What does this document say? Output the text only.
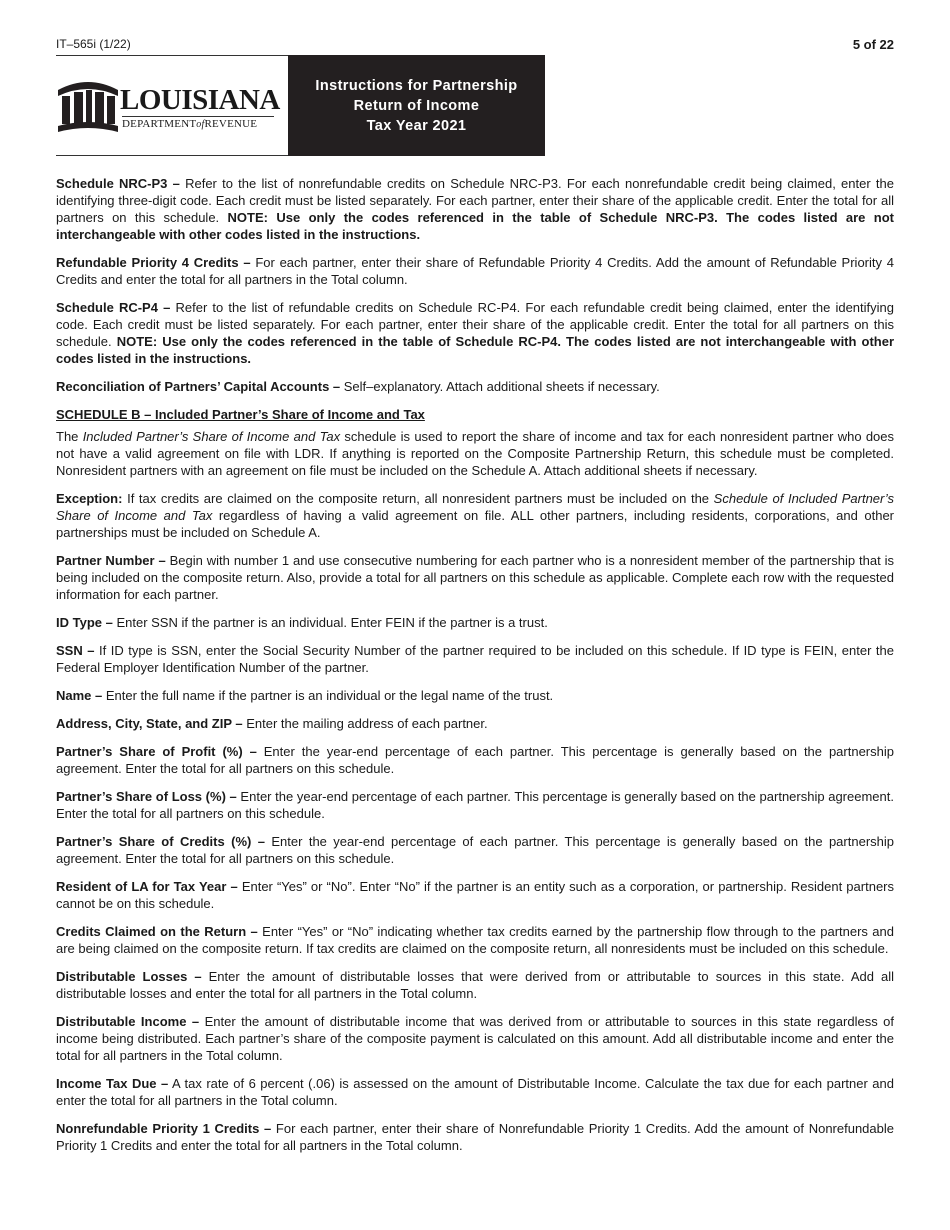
IT–565i (1/22)	5 of 22
LOUISIANA
DEPARTMENTofREVENUE
Instructions for Partnership
Return of Income
Tax Year 2021

Schedule NRC-P3 – Refer to the list of nonrefundable credits on Schedule NRC-P3. For each nonrefundable credit being claimed, enter the identifying three-digit code. Each credit must be listed separately. For each partner, enter their share of the applicable credit. Enter the total for all partners on this schedule. NOTE: Use only the codes referenced in the table of Schedule NRC-P3. The codes listed are not interchangeable with other codes listed in the instructions.

Refundable Priority 4 Credits – For each partner, enter their share of Refundable Priority 4 Credits. Add the amount of Refundable Priority 4 Credits and enter the total for all partners in the Total column.

Schedule RC-P4 – Refer to the list of refundable credits on Schedule RC-P4. For each refundable credit being claimed, enter the identifying code. Each credit must be listed separately. For each partner, enter their share of the applicable credit. Enter the total for all partners on this schedule. NOTE: Use only the codes referenced in the table of Schedule RC-P4. The codes listed are not interchangeable with other codes listed in the instructions.

Reconciliation of Partners’ Capital Accounts – Self–explanatory. Attach additional sheets if necessary.

SCHEDULE B – Included Partner’s Share of Income and Tax

The Included Partner’s Share of Income and Tax schedule is used to report the share of income and tax for each nonresident partner who does not have a valid agreement on file with LDR. If anything is reported on the Composite Partnership Return, this schedule must be completed. Nonresident partners with an agreement on file must be included on the Schedule A. Attach additional sheets if necessary.

Exception: If tax credits are claimed on the composite return, all nonresident partners must be included on the Schedule of Included Partner’s Share of Income and Tax regardless of having a valid agreement on file. ALL other partners, including residents, corporations, and other partnerships must be included on Schedule A.

Partner Number – Begin with number 1 and use consecutive numbering for each partner who is a nonresident member of the partnership that is being included on the composite return. Also, provide a total for all partners on this schedule as applicable. Complete each row with the requested information for each partner.

ID Type – Enter SSN if the partner is an individual. Enter FEIN if the partner is a trust.

SSN – If ID type is SSN, enter the Social Security Number of the partner required to be included on this schedule. If ID type is FEIN, enter the Federal Employer Identification Number of the partner.

Name – Enter the full name if the partner is an individual or the legal name of the trust.

Address, City, State, and ZIP – Enter the mailing address of each partner.

Partner’s Share of Profit (%) – Enter the year-end percentage of each partner. This percentage is generally based on the partnership agreement. Enter the total for all partners on this schedule.

Partner’s Share of Loss (%) – Enter the year-end percentage of each partner. This percentage is generally based on the partnership agreement. Enter the total for all partners on this schedule.

Partner’s Share of Credits (%) – Enter the year-end percentage of each partner. This percentage is generally based on the partnership agreement. Enter the total for all partners on this schedule.

Resident of LA for Tax Year – Enter “Yes” or “No”. Enter “No” if the partner is an entity such as a corporation, or partnership. Resident partners cannot be on this schedule.

Credits Claimed on the Return – Enter “Yes” or “No” indicating whether tax credits earned by the partnership flow through to the partners and are being claimed on the composite return. If tax credits are claimed on the composite return, all nonresidents must be included on this schedule.

Distributable Losses – Enter the amount of distributable losses that were derived from or attributable to sources in this state. Add all distributable losses and enter the total for all partners in the Total column.

Distributable Income – Enter the amount of distributable income that was derived from or attributable to sources in this state regardless of income being distributed. Each partner’s share of the composite payment is calculated on this amount. Add all distributable income and enter the total for all partners in the Total column.

Income Tax Due – A tax rate of 6 percent (.06) is assessed on the amount of Distributable Income. Calculate the tax due for each partner and enter the total for all partners in the Total column.

Nonrefundable Priority 1 Credits – For each partner, enter their share of Nonrefundable Priority 1 Credits. Add the amount of Nonrefundable Priority 1 Credits and enter the total for all partners in the Total column.
